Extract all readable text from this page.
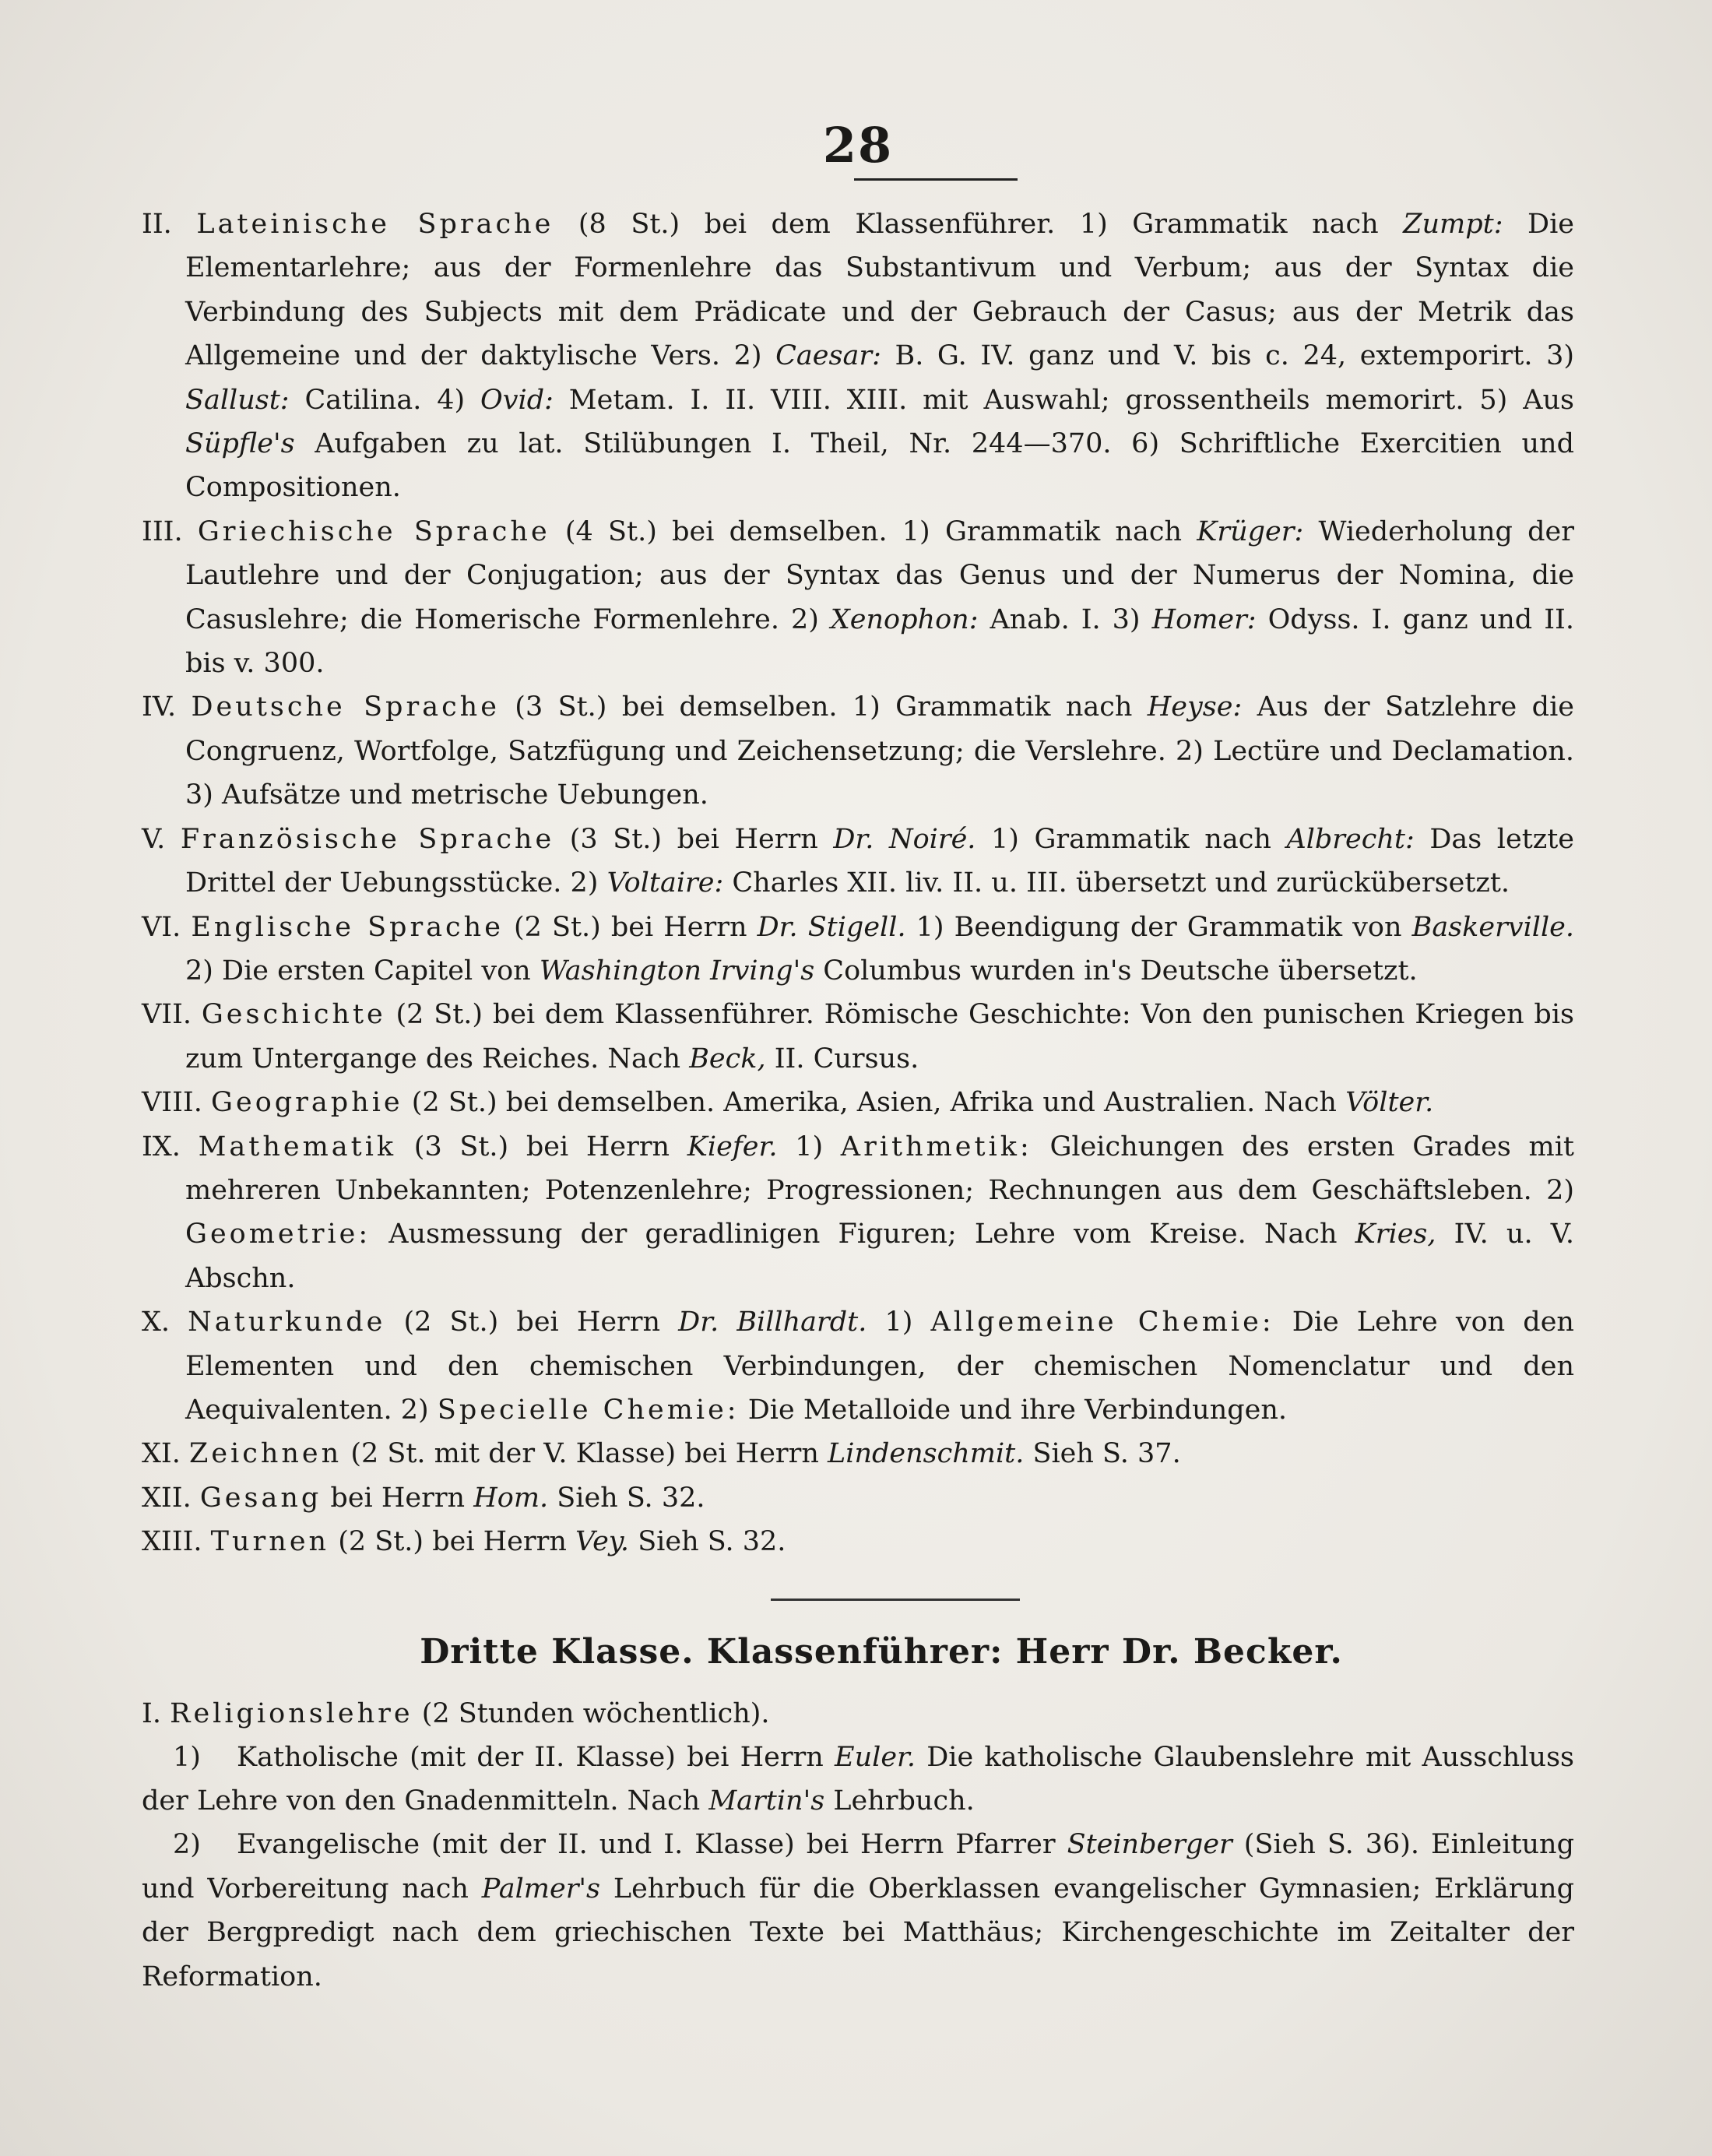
28

II. Lateinische Sprache (8 St.) bei dem Klassenführer. 1) Grammatik nach Zumpt: Die Elementarlehre; aus der Formenlehre das Substantivum und Verbum; aus der Syntax die Verbindung des Subjects mit dem Prädicate und der Gebrauch der Casus; aus der Metrik das Allgemeine und der daktylische Vers. 2) Caesar: B. G. IV. ganz und V. bis c. 24, extemporirt. 3) Sallust: Catilina. 4) Ovid: Metam. I. II. VIII. XIII. mit Auswahl; grossentheils memorirt. 5) Aus Süpfle's Aufgaben zu lat. Stilübungen I. Theil, Nr. 244—370. 6) Schriftliche Exercitien und Compositionen.

III. Griechische Sprache (4 St.) bei demselben. 1) Grammatik nach Krüger: Wiederholung der Lautlehre und der Conjugation; aus der Syntax das Genus und der Numerus der Nomina, die Casuslehre; die Homerische Formenlehre. 2) Xenophon: Anab. I. 3) Homer: Odyss. I. ganz und II. bis v. 300.

IV. Deutsche Sprache (3 St.) bei demselben. 1) Grammatik nach Heyse: Aus der Satzlehre die Congruenz, Wortfolge, Satzfügung und Zeichensetzung; die Verslehre. 2) Lectüre und Declamation. 3) Aufsätze und metrische Uebungen.

V. Französische Sprache (3 St.) bei Herrn Dr. Noiré. 1) Grammatik nach Albrecht: Das letzte Drittel der Uebungsstücke. 2) Voltaire: Charles XII. liv. II. u. III. übersetzt und zurückübersetzt.

VI. Englische Sprache (2 St.) bei Herrn Dr. Stigell. 1) Beendigung der Grammatik von Baskerville. 2) Die ersten Capitel von Washington Irving's Columbus wurden in's Deutsche übersetzt.

VII. Geschichte (2 St.) bei dem Klassenführer. Römische Geschichte: Von den punischen Kriegen bis zum Untergange des Reiches. Nach Beck, II. Cursus.

VIII. Geographie (2 St.) bei demselben. Amerika, Asien, Afrika und Australien. Nach Völter.

IX. Mathematik (3 St.) bei Herrn Kiefer. 1) Arithmetik: Gleichungen des ersten Grades mit mehreren Unbekannten; Potenzenlehre; Progressionen; Rechnungen aus dem Geschäftsleben. 2) Geometrie: Ausmessung der geradlinigen Figuren; Lehre vom Kreise. Nach Kries, IV. u. V. Abschn.

X. Naturkunde (2 St.) bei Herrn Dr. Billhardt. 1) Allgemeine Chemie: Die Lehre von den Elementen und den chemischen Verbindungen, der chemischen Nomenclatur und den Aequivalenten. 2) Specielle Chemie: Die Metalloide und ihre Verbindungen.

XI. Zeichnen (2 St. mit der V. Klasse) bei Herrn Lindenschmit. Sieh S. 37.

XII. Gesang bei Herrn Hom. Sieh S. 32.

XIII. Turnen (2 St.) bei Herrn Vey. Sieh S. 32.

Dritte Klasse. Klassenführer: Herr Dr. Becker.

I. Religionslehre (2 Stunden wöchentlich).

1) Katholische (mit der II. Klasse) bei Herrn Euler. Die katholische Glaubenslehre mit Ausschluss der Lehre von den Gnadenmitteln. Nach Martin's Lehrbuch.

2) Evangelische (mit der II. und I. Klasse) bei Herrn Pfarrer Steinberger (Sieh S. 36). Einleitung und Vorbereitung nach Palmer's Lehrbuch für die Oberklassen evangelischer Gymnasien; Erklärung der Bergpredigt nach dem griechischen Texte bei Matthäus; Kirchengeschichte im Zeitalter der Reformation.
